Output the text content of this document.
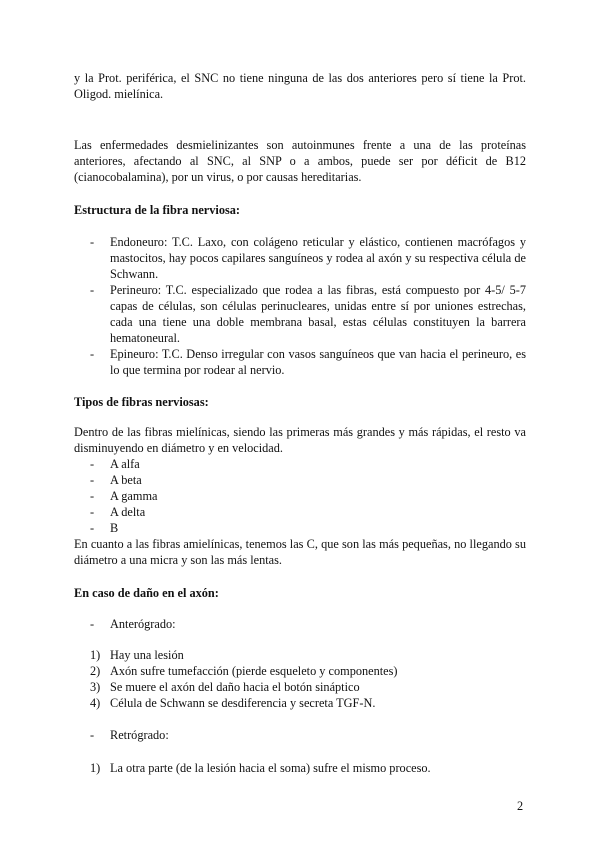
y la Prot. periférica, el SNC no tiene ninguna de las dos anteriores pero sí tiene la Prot. Oligod. mielínica.
Las enfermedades desmielinizantes son autoinmunes frente a una de las proteínas anteriores, afectando al SNC, al SNP o a ambos, puede ser por déficit de B12 (cianocobalamina), por un virus, o por causas hereditarias.
Estructura de la fibra nerviosa:
- Endoneuro: T.C. Laxo, con colágeno reticular y elástico, contienen macrófagos y mastocitos, hay pocos capilares sanguíneos y rodea al axón y su respectiva célula de Schwann.
- Perineuro: T.C. especializado que rodea a las fibras, está compuesto por 4-5/ 5-7 capas de células, son células perinucleares, unidas entre sí por uniones estrechas, cada una tiene una doble membrana basal, estas células constituyen la barrera hematoneural.
- Epineuro: T.C. Denso irregular con vasos sanguíneos que van hacia el perineuro, es lo que termina por rodear al nervio.
Tipos de fibras nerviosas:
Dentro de las fibras mielínicas, siendo las primeras más grandes y más rápidas, el resto va disminuyendo en diámetro y en velocidad.
- A alfa
- A beta
- A gamma
- A delta
- B
En cuanto a las fibras amielínicas, tenemos las C, que son las más pequeñas, no llegando su diámetro a una micra y son las más lentas.
En caso de daño en el axón:
- Anterógrado:
1) Hay una lesión
2) Axón sufre tumefacción (pierde esqueleto y componentes)
3) Se muere el axón del daño hacia el botón sináptico
4) Célula de Schwann se desdiferencia y secreta TGF-N.
- Retrógrado:
1) La otra parte (de la lesión hacia el soma) sufre el mismo proceso.
2
